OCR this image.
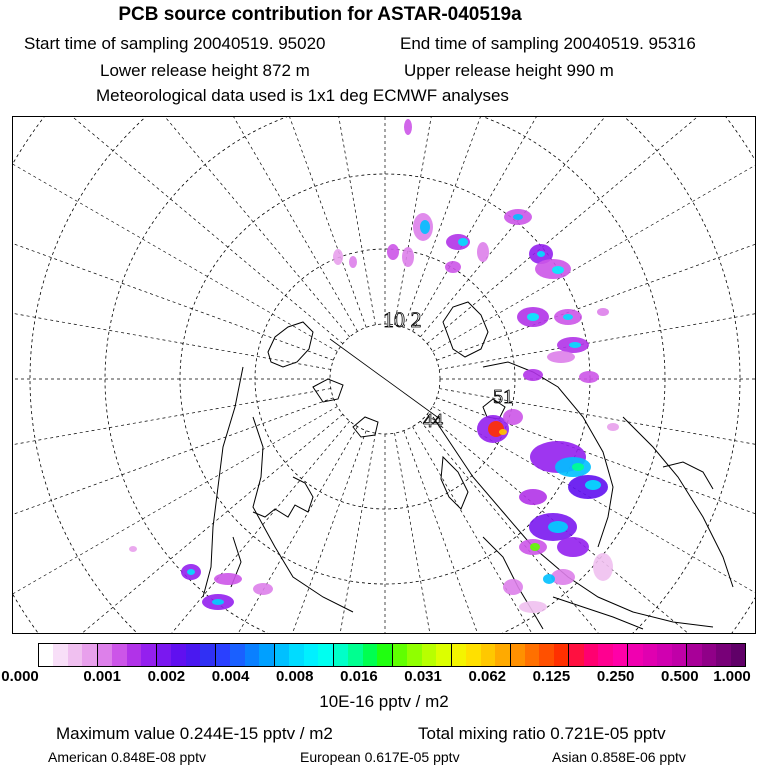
PCB source contribution for ASTAR-040519a
Start time of sampling 20040519. 95020	End time of sampling 20040519. 95316
Lower release height 872 m	Upper release height 990 m
Meteorological data used is 1x1 deg ECMWF analyses
10 2
51
44
0.000	0.001 0.002 0.004 0.008 0.016 0.031 0.062 0.125 0.250 0.500 1.000
10E-16 pptv / m2
Maximum value 0.244E-15 pptv / m2	Total mixing ratio 0.721E-05 pptv
American 0.848E-08 pptv	European 0.617E-05 pptv	Asian 0.858E-06 pptv
